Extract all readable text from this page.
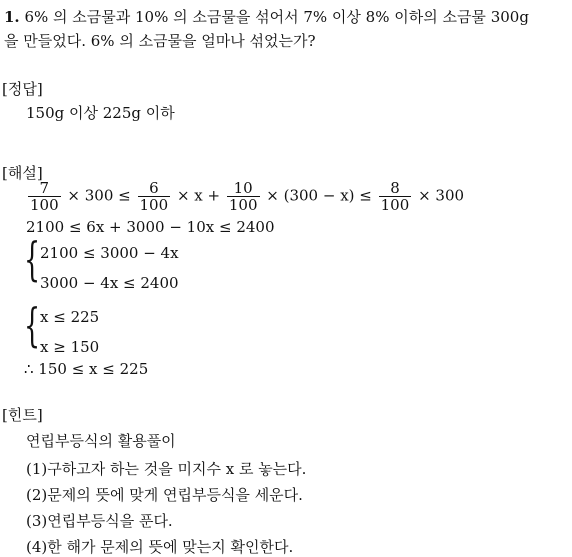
1. 6% 의 소금물과 10% 의 소금물을 섞어서 7% 이상 8% 이하의 소금물 300g
을 만들었다. 6% 의 소금물을 얼마나 섞었는가?
[정답]
150g 이상 225g 이하
[해설]
$\frac{7}{100} \times 300 \le \frac{6}{100} \times x + \frac{10}{100} \times (300 - x) \le \frac{8}{100} \times 300$
2100 ≤ 6x + 3000 − 10x ≤ 2400
{ 2100 ≤ 3000 − 4x
3000 − 4x ≤ 2400
{ x ≤ 225
x ≥ 150
∴ 150 ≤ x ≤ 225
[힌트]
연립부등식의 활용풀이
(1)구하고자 하는 것을 미지수 x 로 놓는다.
(2)문제의 뜻에 맞게 연립부등식을 세운다.
(3)연립부등식을 푼다.
(4)한 해가 문제의 뜻에 맞는지 확인한다.
